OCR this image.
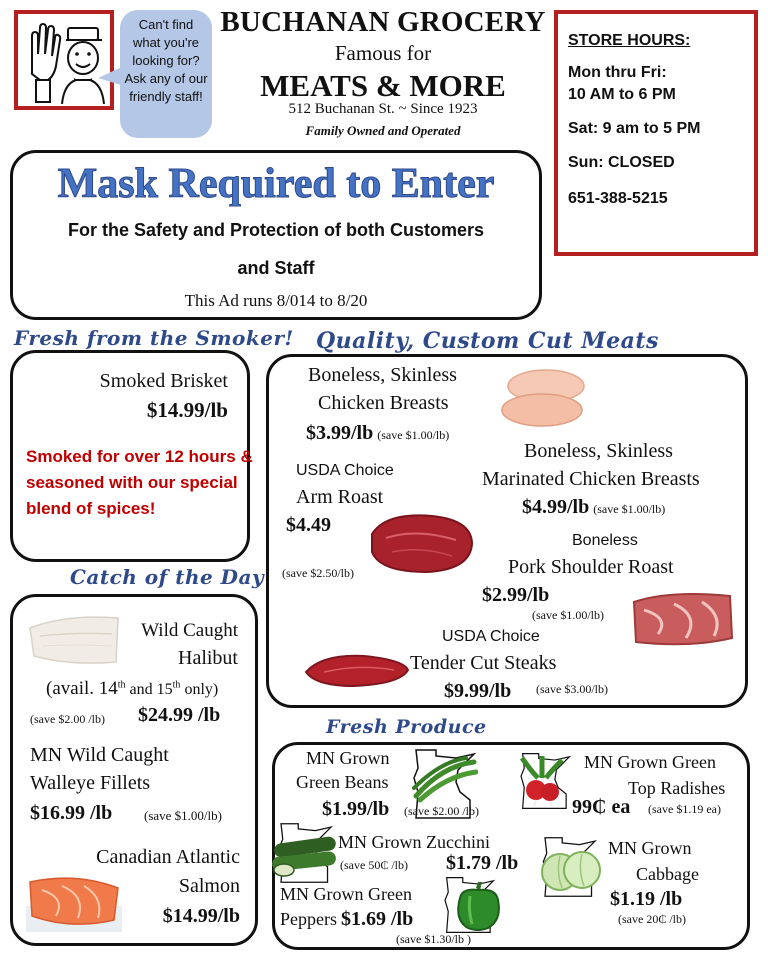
Can't find what you're looking for? Ask any of our friendly staff!
BUCHANAN GROCERY
Famous for
MEATS & MORE
512 Buchanan St. ~ Since 1923
Family Owned and Operated
STORE HOURS:
Mon thru Fri:
10 AM to 6 PM
Sat: 9 am to 5 PM
Sun: CLOSED
651-388-5215
Mask Required to Enter
For the Safety and Protection of both Customers
and Staff
This Ad runs 8/014 to 8/20
Fresh from the Smoker!
Smoked Brisket
$14.99/lb
Smoked for over 12 hours & seasoned with our special blend of spices!
Catch of the Day
Wild Caught
Halibut
(avail. 14th and 15th only)
(save $2.00 /lb) $24.99 /lb
MN Wild Caught
Walleye Fillets
$16.99 /lb (save $1.00/lb)
Canadian Atlantic
Salmon
$14.99/lb
Quality, Custom Cut Meats
Boneless, Skinless
Chicken Breasts
$3.99/lb (save $1.00/lb)
Boneless, Skinless
Marinated Chicken Breasts
$4.99/lb (save $1.00/lb)
USDA Choice
Arm Roast
$4.49
(save $2.50/lb)
Boneless
Pork Shoulder Roast
$2.99/lb
(save $1.00/lb)
USDA Choice
Tender Cut Steaks
$9.99/lb (save $3.00/lb)
Fresh Produce
MN Grown
Green Beans
$1.99/lb (save $2.00 /lb)
MN Grown Green
Top Radishes
99₵ ea (save $1.19 ea)
MN Grown Zucchini
(save 50₵ /lb) $1.79 /lb
MN Grown
Cabbage
$1.19 /lb
(save 20₵ /lb)
MN Grown Green
Peppers $1.69 /lb
(save $1.30/lb )
